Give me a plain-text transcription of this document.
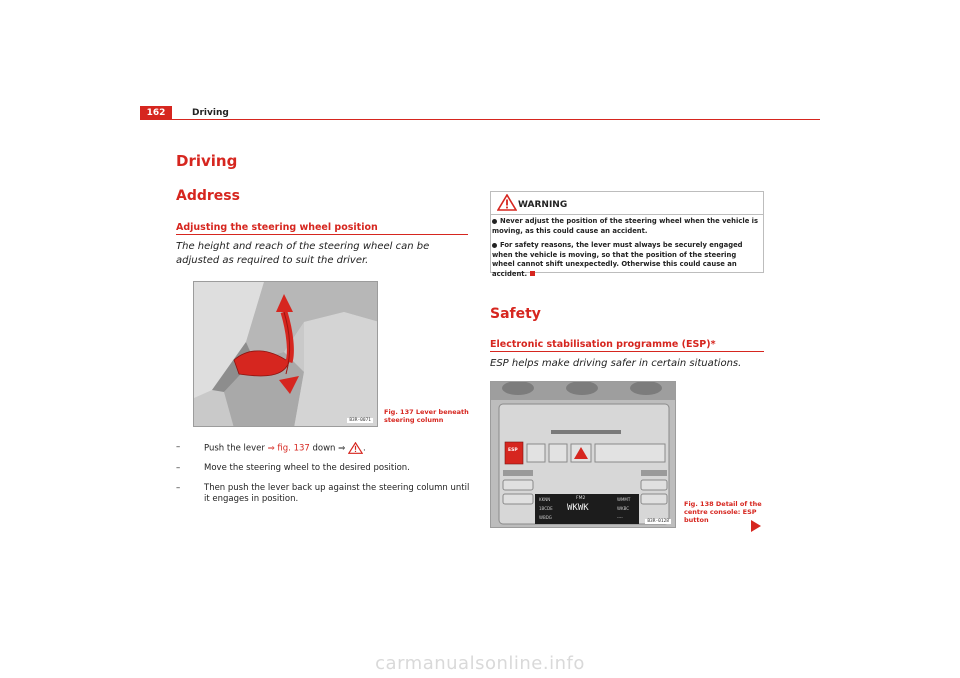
162	Driving
Driving
Address
Adjusting the steering wheel position
The height and reach of the steering wheel can be adjusted as required to suit the driver.
B3R-0071
Fig. 137 Lever beneath steering column
–	Push the lever ⇒ fig. 137 down ⇒ .
–	Move the steering wheel to the desired position.
–	Then push the lever back up against the steering column until it engages in position.
WARNING
Never adjust the position of the steering wheel when the vehicle is moving, as this could cause an accident.
For safety reasons, the lever must always be securely engaged when the vehicle is moving, so that the position of the steering wheel cannot shift unexpectedly. Otherwise this could cause an accident.
Safety
Electronic stabilisation programme (ESP)*
ESP helps make driving safer in certain situations.
ESP
FM2
WKWK
KKNN
1BCDE
WBDG
WMMT
WKBC
----
B3R-0128
Fig. 138 Detail of the centre console: ESP button
carmanualsonline.info
